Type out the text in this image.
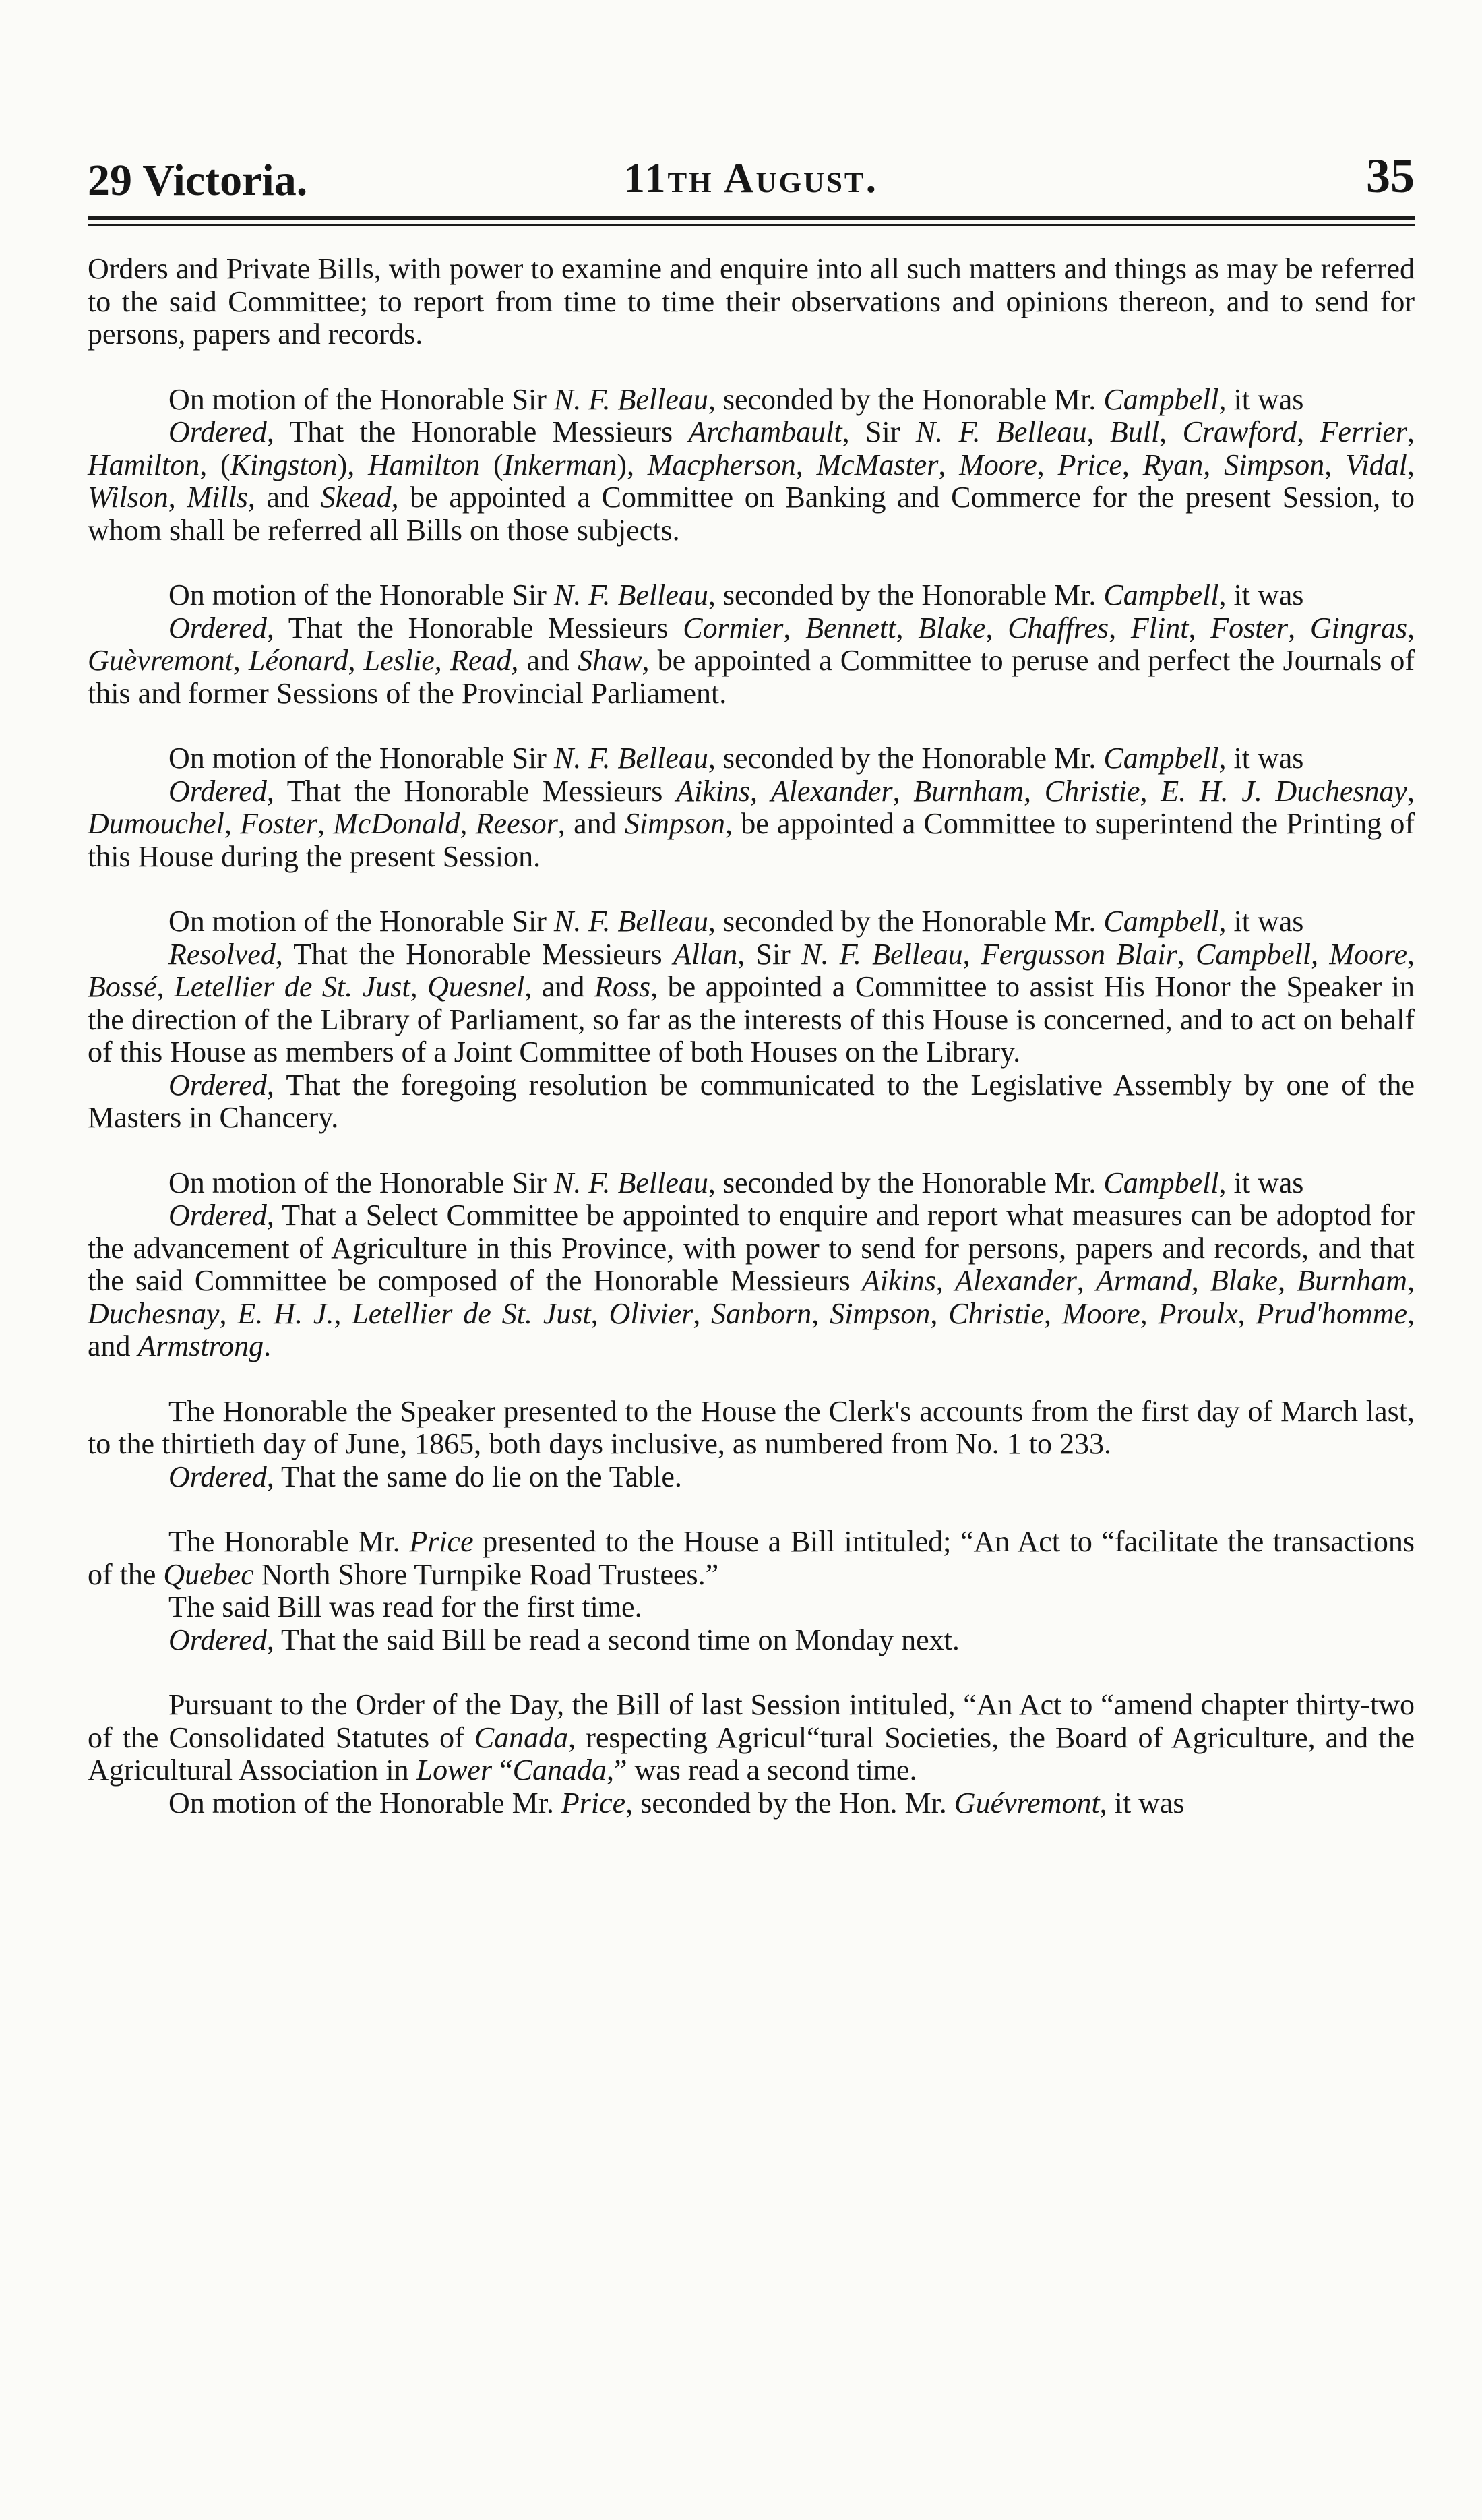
29 Victoria.	11th August.	35

Orders and Private Bills, with power to examine and enquire into all such matters and things as may be referred to the said Committee; to report from time to time their observations and opinions thereon, and to send for persons, papers and records.

On motion of the Honorable Sir N. F. Belleau, seconded by the Honorable Mr. Campbell, it was

Ordered, That the Honorable Messieurs Archambault, Sir N. F. Belleau, Bull, Crawford, Ferrier, Hamilton, (Kingston), Hamilton (Inkerman), Macpherson, McMaster, Moore, Price, Ryan, Simpson, Vidal, Wilson, Mills, and Skead, be appointed a Committee on Banking and Commerce for the present Session, to whom shall be referred all Bills on those subjects.

On motion of the Honorable Sir N. F. Belleau, seconded by the Honorable Mr. Campbell, it was

Ordered, That the Honorable Messieurs Cormier, Bennett, Blake, Chaffres, Flint, Foster, Gingras, Guèvremont, Léonard, Leslie, Read, and Shaw, be appointed a Committee to peruse and perfect the Journals of this and former Sessions of the Provincial Parliament.

On motion of the Honorable Sir N. F. Belleau, seconded by the Honorable Mr. Campbell, it was

Ordered, That the Honorable Messieurs Aikins, Alexander, Burnham, Christie, E. H. J. Duchesnay, Dumouchel, Foster, McDonald, Reesor, and Simpson, be appointed a Committee to superintend the Printing of this House during the present Session.

On motion of the Honorable Sir N. F. Belleau, seconded by the Honorable Mr. Campbell, it was

Resolved, That the Honorable Messieurs Allan, Sir N. F. Belleau, Fergusson Blair, Campbell, Moore, Bossé, Letellier de St. Just, Quesnel, and Ross, be appointed a Committee to assist His Honor the Speaker in the direction of the Library of Parliament, so far as the interests of this House is concerned, and to act on behalf of this House as members of a Joint Committee of both Houses on the Library.

Ordered, That the foregoing resolution be communicated to the Legislative Assembly by one of the Masters in Chancery.

On motion of the Honorable Sir N. F. Belleau, seconded by the Honorable Mr. Campbell, it was

Ordered, That a Select Committee be appointed to enquire and report what measures can be adoptod for the advancement of Agriculture in this Province, with power to send for persons, papers and records, and that the said Committee be composed of the Honorable Messieurs Aikins, Alexander, Armand, Blake, Burnham, Duchesnay, E. H. J., Letellier de St. Just, Olivier, Sanborn, Simpson, Christie, Moore, Proulx, Prud'homme, and Armstrong.

The Honorable the Speaker presented to the House the Clerk's accounts from the first day of March last, to the thirtieth day of June, 1865, both days inclusive, as numbered from No. 1 to 233.

Ordered, That the same do lie on the Table.

The Honorable Mr. Price presented to the House a Bill intituled; “An Act to “facilitate the transactions of the Quebec North Shore Turnpike Road Trustees.”

The said Bill was read for the first time.

Ordered, That the said Bill be read a second time on Monday next.

Pursuant to the Order of the Day, the Bill of last Session intituled, “An Act to “amend chapter thirty-two of the Consolidated Statutes of Canada, respecting Agricul“tural Societies, the Board of Agriculture, and the Agricultural Association in Lower “Canada,” was read a second time.

On motion of the Honorable Mr. Price, seconded by the Hon. Mr. Guévremont, it was
